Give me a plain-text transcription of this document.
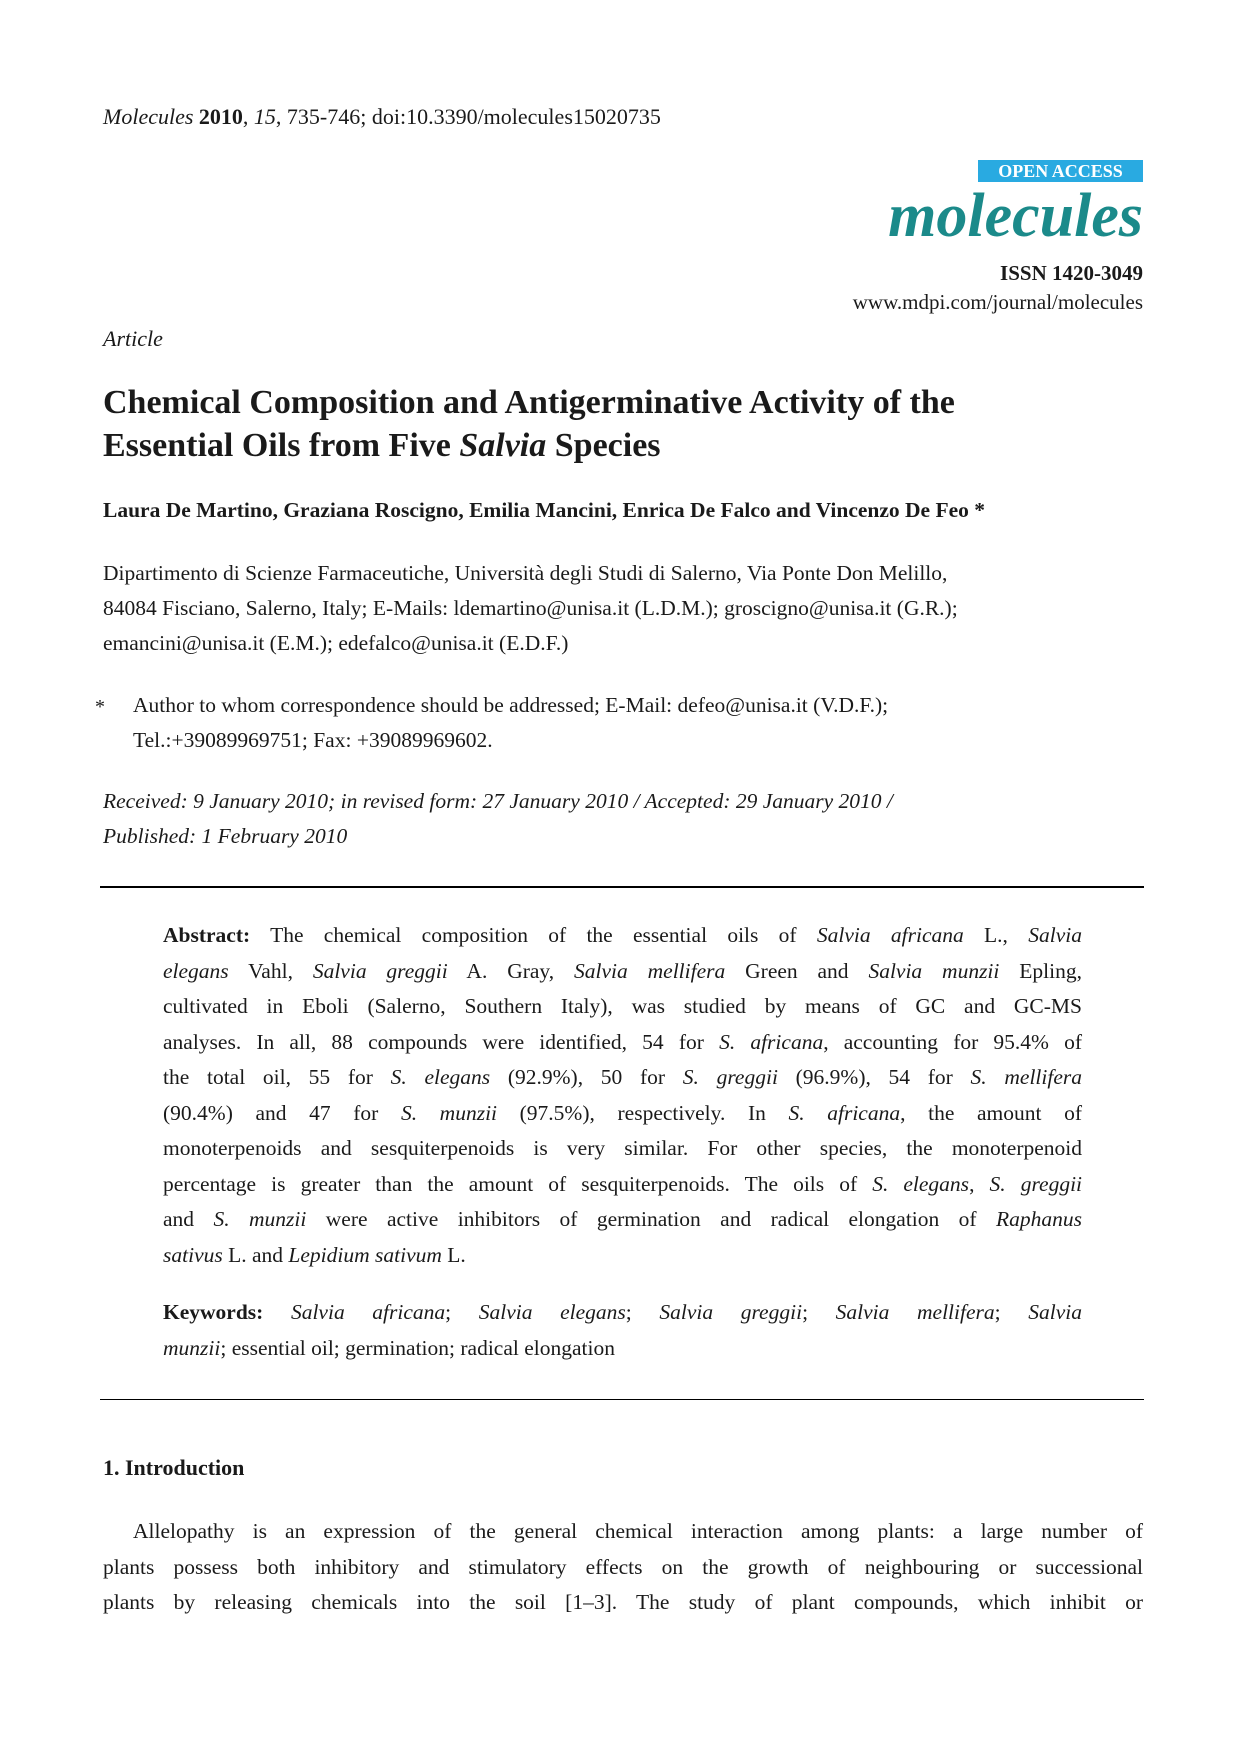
Molecules 2010, 15, 735-746; doi:10.3390/molecules15020735
OPEN ACCESS
molecules
ISSN 1420-3049
www.mdpi.com/journal/molecules
Article
Chemical Composition and Antigerminative Activity of the
Essential Oils from Five Salvia Species
Laura De Martino, Graziana Roscigno, Emilia Mancini, Enrica De Falco and Vincenzo De Feo *
Dipartimento di Scienze Farmaceutiche, Università degli Studi di Salerno, Via Ponte Don Melillo,
84084 Fisciano, Salerno, Italy; E-Mails: ldemartino@unisa.it (L.D.M.); groscigno@unisa.it (G.R.);
emancini@unisa.it (E.M.); edefalco@unisa.it (E.D.F.)
* Author to whom correspondence should be addressed; E-Mail: defeo@unisa.it (V.D.F.);
Tel.:+39089969751; Fax: +39089969602.
Received: 9 January 2010; in revised form: 27 January 2010 / Accepted: 29 January 2010 /
Published: 1 February 2010
Abstract: The chemical composition of the essential oils of Salvia africana L., Salvia
elegans Vahl, Salvia greggii A. Gray, Salvia mellifera Green and Salvia munzii Epling,
cultivated in Eboli (Salerno, Southern Italy), was studied by means of GC and GC-MS
analyses. In all, 88 compounds were identified, 54 for S. africana, accounting for 95.4% of
the total oil, 55 for S. elegans (92.9%), 50 for S. greggii (96.9%), 54 for S. mellifera
(90.4%) and 47 for S. munzii (97.5%), respectively. In S. africana, the amount of
monoterpenoids and sesquiterpenoids is very similar. For other species, the monoterpenoid
percentage is greater than the amount of sesquiterpenoids. The oils of S. elegans, S. greggii
and S. munzii were active inhibitors of germination and radical elongation of Raphanus
sativus L. and Lepidium sativum L.
Keywords: Salvia africana; Salvia elegans; Salvia greggii; Salvia mellifera; Salvia
munzii; essential oil; germination; radical elongation
1. Introduction
Allelopathy is an expression of the general chemical interaction among plants: a large number of
plants possess both inhibitory and stimulatory effects on the growth of neighbouring or successional
plants by releasing chemicals into the soil [1–3]. The study of plant compounds, which inhibit or
